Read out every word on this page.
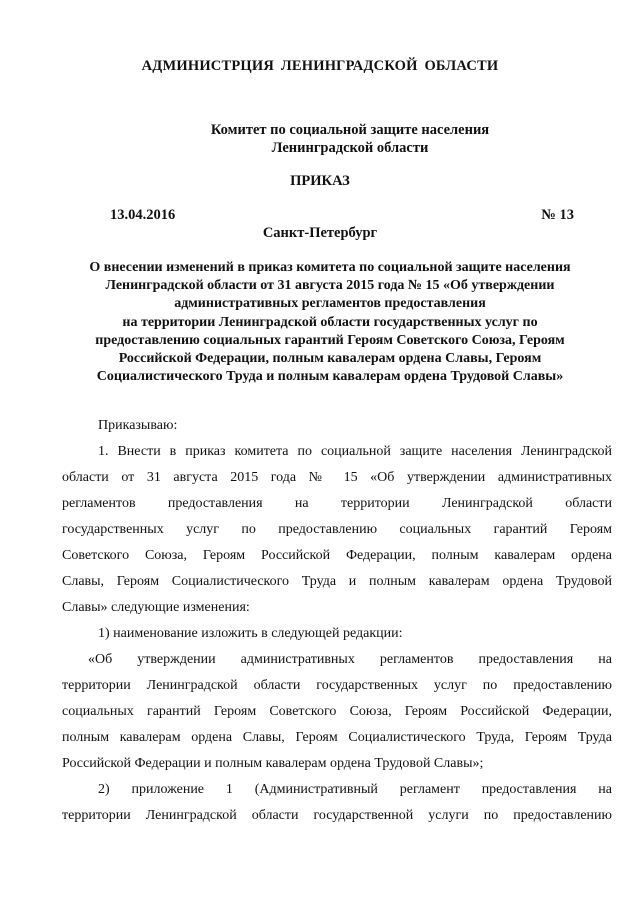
АДМИНИСТРЦИЯ ЛЕНИНГРАДСКОЙ ОБЛАСТИ
Комитет по социальной защите населения
Ленинградской области
ПРИКАЗ
13.04.2016	№ 13
Санкт-Петербург
О внесении изменений в приказ комитета по социальной защите населения
Ленинградской области от 31 августа 2015 года № 15 «Об утверждении
административных регламентов предоставления
на территории Ленинградской области государственных услуг по
предоставлению социальных гарантий Героям Советского Союза, Героям
Российской Федерации, полным кавалерам ордена Славы, Героям
Социалистического Труда и полным кавалерам ордена Трудовой Славы»
Приказываю:
1. Внести в приказ комитета по социальной защите населения Ленинградской
области от 31 августа 2015 года № 15 «Об утверждении административных
регламентов предоставления на территории Ленинградской области
государственных услуг по предоставлению социальных гарантий Героям
Советского Союза, Героям Российской Федерации, полным кавалерам ордена
Славы, Героям Социалистического Труда и полным кавалерам ордена Трудовой
Славы» следующие изменения:
1) наименование изложить в следующей редакции:
«Об утверждении административных регламентов предоставления на
территории Ленинградской области государственных услуг по предоставлению
социальных гарантий Героям Советского Союза, Героям Российской Федерации,
полным кавалерам ордена Славы, Героям Социалистического Труда, Героям Труда
Российской Федерации и полным кавалерам ордена Трудовой Славы»;
2) приложение 1 (Административный регламент предоставления на
территории Ленинградской области государственной услуги по предоставлению
